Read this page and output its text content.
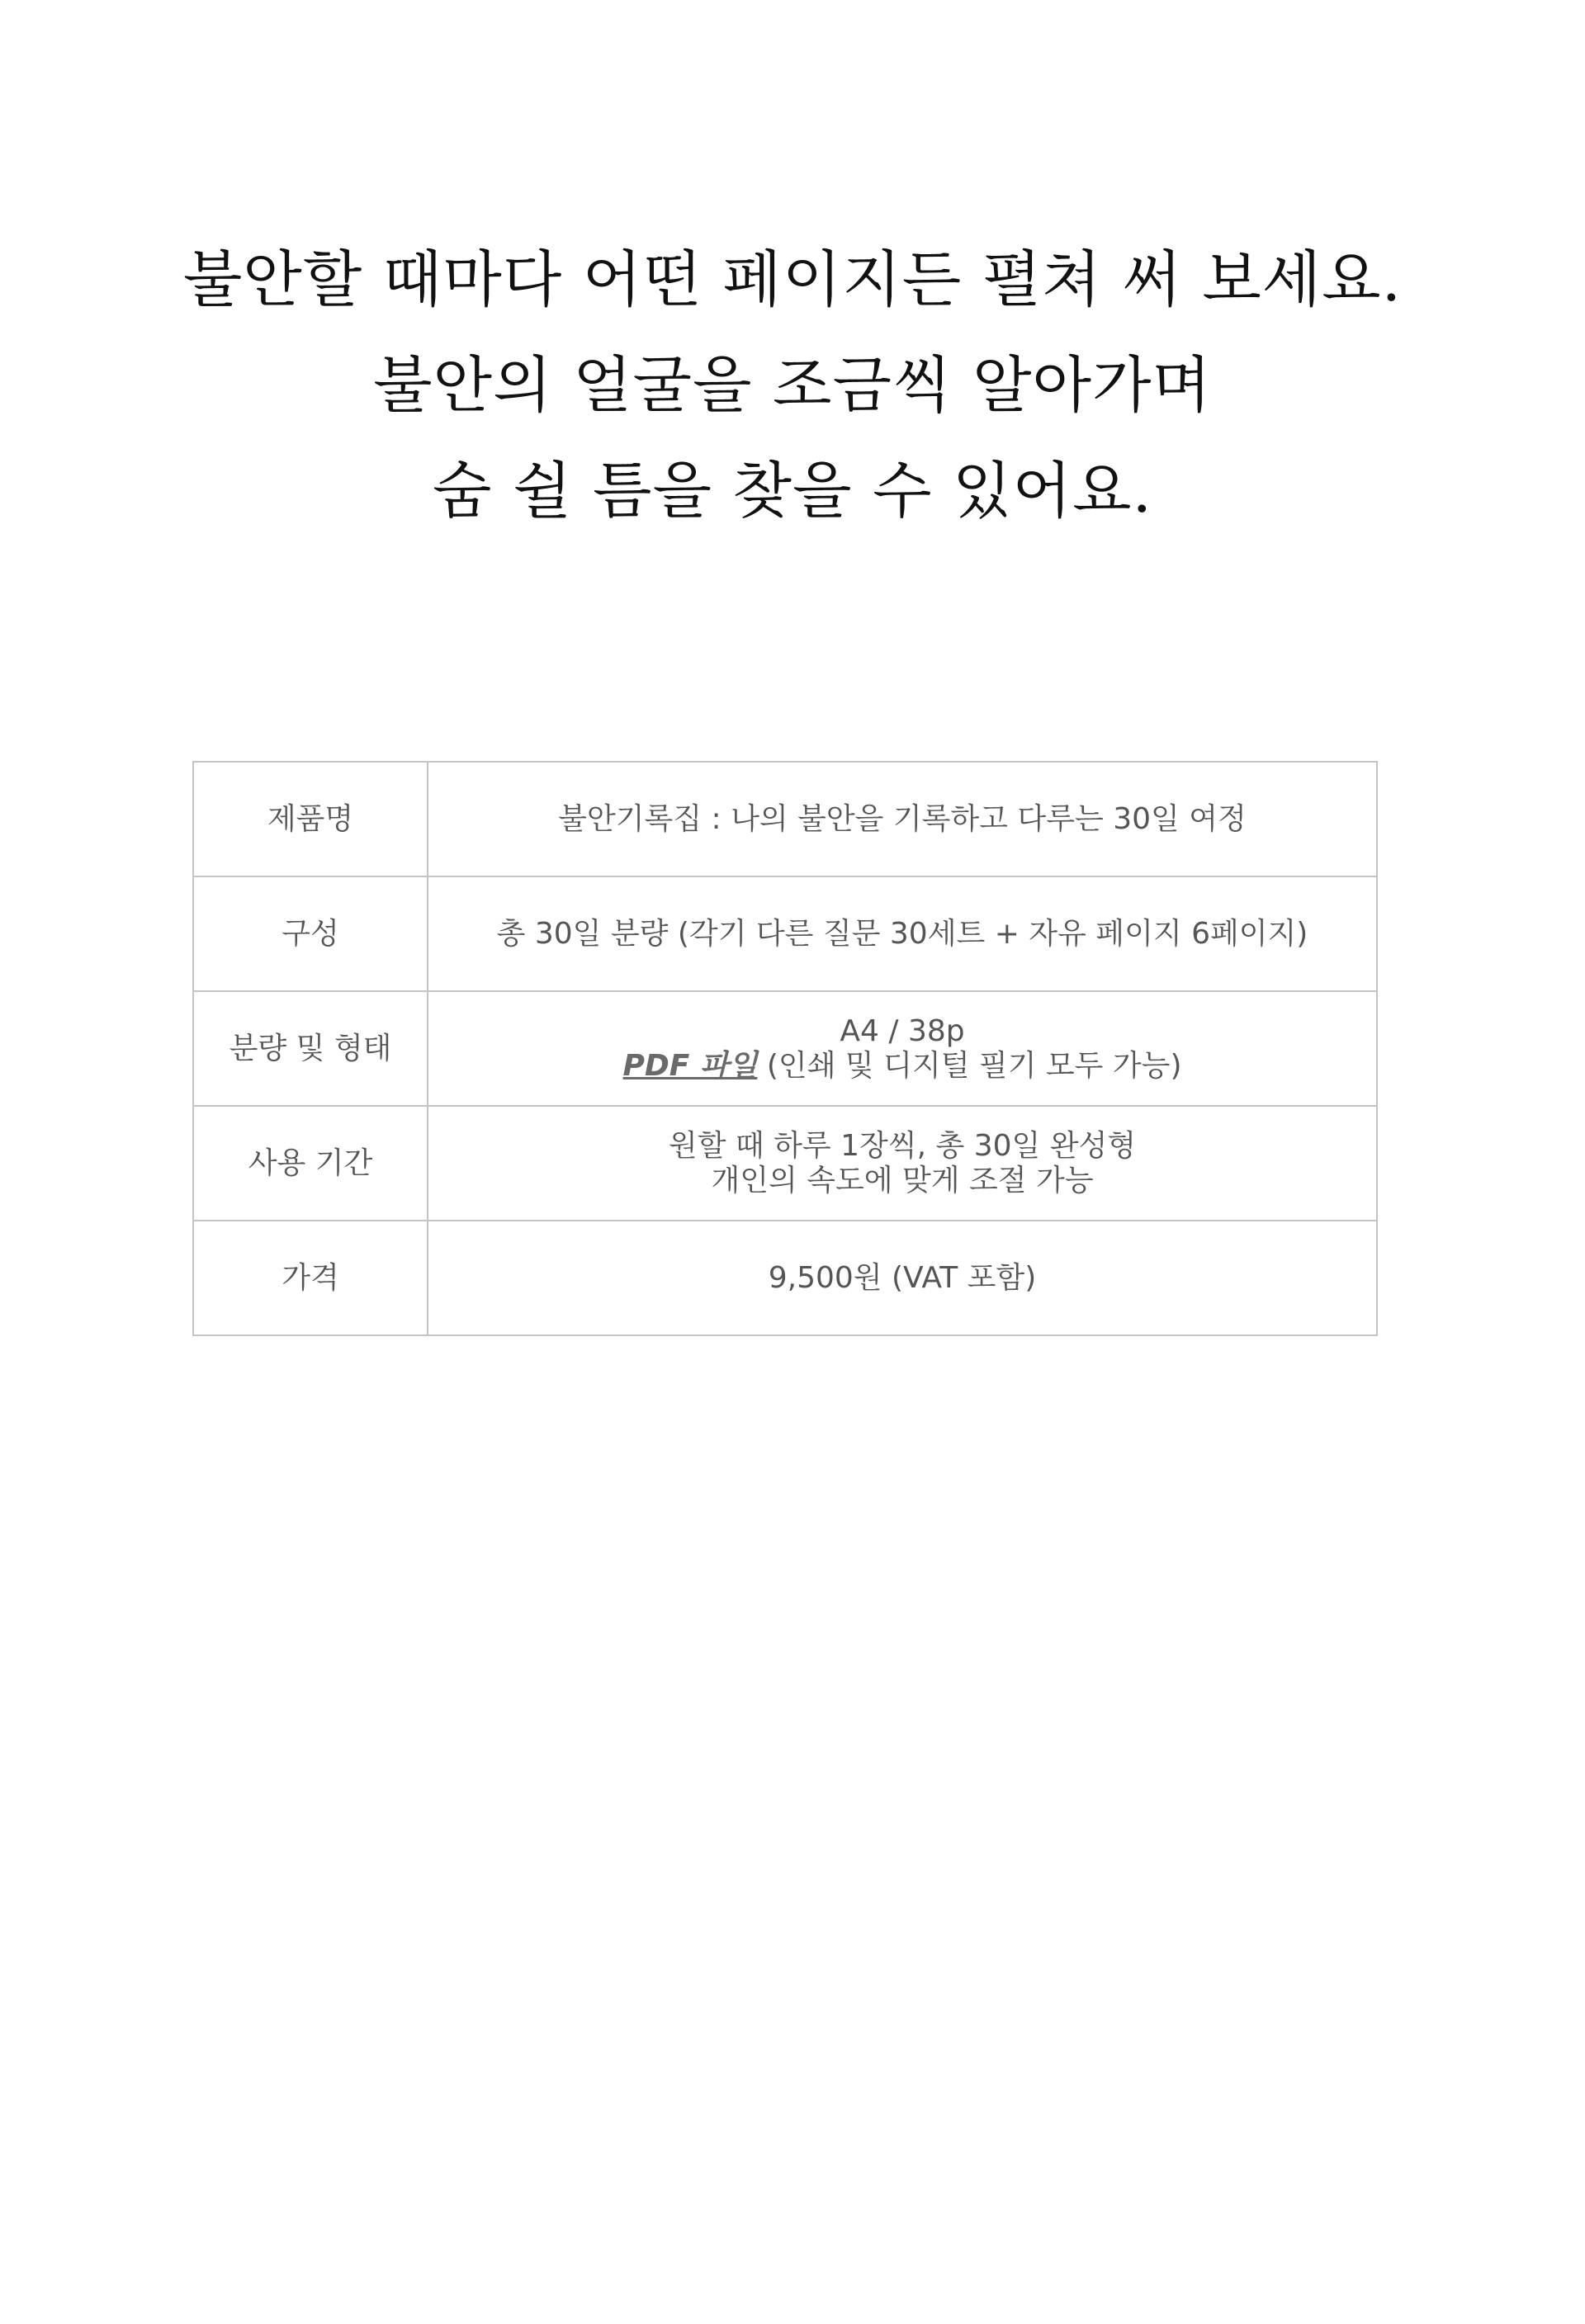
불안할 때마다 어떤 페이지든 펼쳐 써 보세요.
불안의 얼굴을 조금씩 알아가며
숨 쉴 틈을 찾을 수 있어요.
제품명	불안기록집 : 나의 불안을 기록하고 다루는 30일 여정
구성	총 30일 분량 (각기 다른 질문 30세트 + 자유 페이지 6페이지)
분량 및 형태	A4 / 38p
PDF 파일 (인쇄 및 디지털 필기 모두 가능)

사용 기간	원할 때 하루 1장씩, 총 30일 완성형
개인의 속도에 맞게 조절 가능

가격	9,500원 (VAT 포함)
